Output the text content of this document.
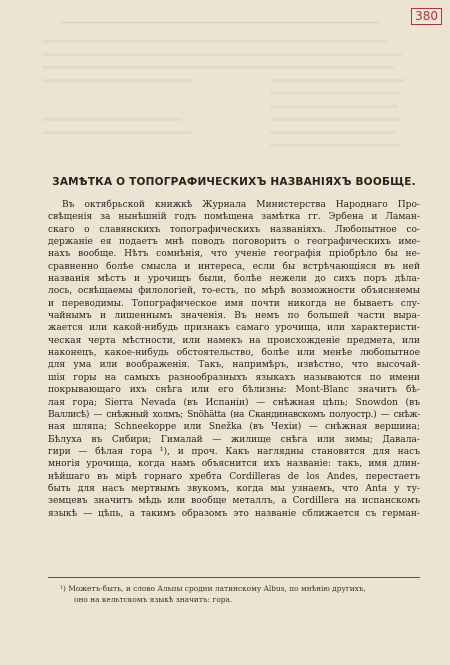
380
ЗАМѢТКА О ТОПОГРАФИЧЕСКИХЪ НАЗВАНІЯХЪ ВООБЩЕ.
Въ октябрьской книжкѣ Журнала Министерства Народнаго Про-
свѣщенія за нынѣшній годъ помѣщена замѣтка гг. Эрбена и Ламан-
скаго о славянскихъ топографическихъ названіяхъ. Любопытное со-
держаніе ея подаетъ мнѣ поводъ поговорить о географическихъ име-
нахъ вообще. Нѣтъ сомнѣнія, что ученіе географія пріобрѣло бы не-
сравненно болѣе смысла и интереса, если бы встрѣчающіяся въ ней
названія мѣстъ и урочищъ были, болѣе нежели до сихъ поръ дѣла-
лось, освѣщаемы филологіей, то-есть, по мѣрѣ возможности объясняемы
и переводимы. Топографическое имя почти никогда не бываетъ слу-
чайнымъ и лишеннымъ значенія. Въ немъ по большей части выра-
жается или какой-нибудь признакъ самаго урочища, или характеристи-
ческая черта мѣстности, или намекъ на происхожденіе предмета, или
наконецъ, какое-нибудь обстоятельство, болѣе или менѣе любопытное
для ума или воображенія. Такъ, напримѣръ, извѣстно, что высочай-
шія горы на самыхъ разнообразныхъ языкахъ называются по имени
покрывающаго ихъ снѣга или его бѣлизны: Mont-Blanc значитъ бѣ-
лая гора; Sierra Nevada (въ Испаніи) — снѣжная цѣпь; Snowdon (въ
Валлисѣ) — снѣжный холмъ; Snöhätta (на Скандинавскомъ полуостр.) — снѣж-
ная шляпа; Schneekoppe или Snežka (въ Чехіи) — снѣжная вершина;
Бѣлуха въ Сибири; Гималай — жилище снѣга или зимы; Давала-
гири — бѣлая гора ¹), и проч. Какъ наглядны становятся для насъ
многія урочища, когда намъ объяснится ихъ названіе: такъ, имя длин-
нѣйшаго въ мірѣ горнаго хребта Cordilleras de los Andes, перестаетъ
быть для насъ мертвымъ звукомъ, когда мы узнаемъ, что Anta у ту-
земцевъ значитъ мѣдь или вообще металлъ, а Cordillera на испанскомъ
языкѣ — цѣпь, а такимъ образомъ это названіе сближается съ герман-
¹) Можетъ-быть, и слово Альпы сродни латинскому Albus, по мнѣнію другихъ,
оно на кельтскомъ языкѣ значитъ: гора.
